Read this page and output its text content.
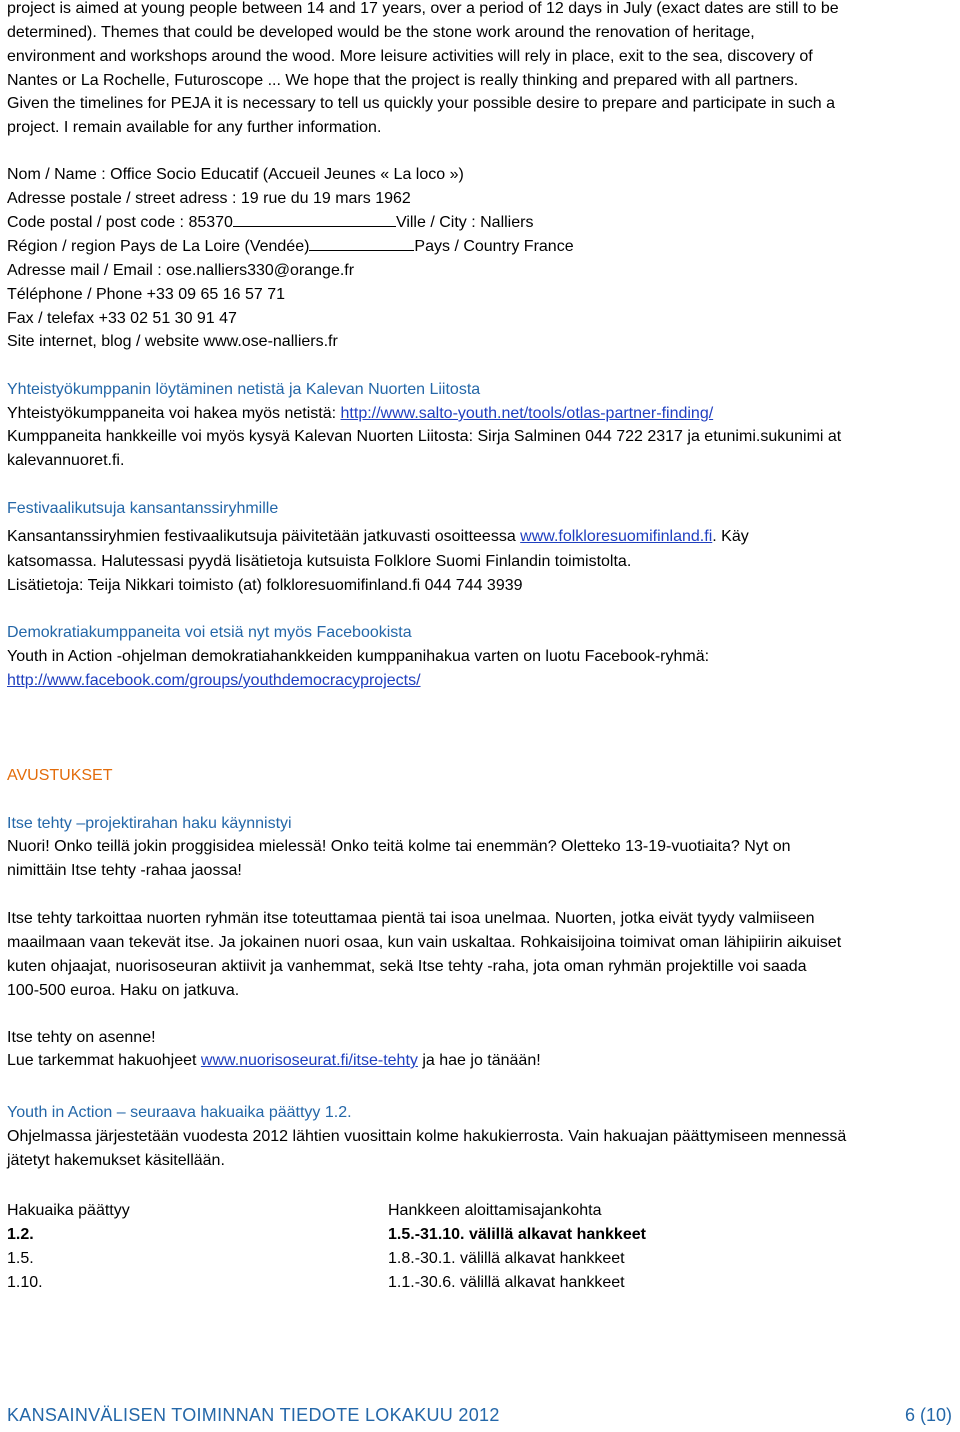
project is aimed at young people between 14 and 17 years, over a period of 12 days in July (exact dates are still to be
determined). Themes that could be developed would be the stone work around the renovation of heritage,
environment and workshops around the wood. More leisure activities will rely in place, exit to the sea, discovery of
Nantes or La Rochelle, Futuroscope ... We hope that the project is really thinking and prepared with all partners.
Given the timelines for PEJA it is necessary to tell us quickly your possible desire to prepare and participate in such a
project. I remain available for any further information.
Nom / Name : Office Socio Educatif (Accueil Jeunes « La loco »)
Adresse postale / street adress : 19 rue du 19 mars 1962
Code postal / post code : 85370	Ville / City : Nalliers
Région / region Pays de La Loire (Vendée)	Pays / Country France
Adresse mail / Email : ose.nalliers330@orange.fr
Téléphone / Phone +33 09 65 16 57 71
Fax / telefax +33 02 51 30 91 47
Site internet, blog / website www.ose-nalliers.fr
Yhteistyökumppanin löytäminen netistä ja Kalevan Nuorten Liitosta
Yhteistyökumppaneita voi hakea myös netistä: http://www.salto-youth.net/tools/otlas-partner-finding/
Kumppaneita hankkeille voi myös kysyä Kalevan Nuorten Liitosta: Sirja Salminen 044 722 2317 ja etunimi.sukunimi at
kalevannuoret.fi.
Festivaalikutsuja kansantanssiryhmille
Kansantanssiryhmien festivaalikutsuja päivitetään jatkuvasti osoitteessa www.folkloresuomifinland.fi. Käy
katsomassa. Halutessasi pyydä lisätietoja kutsuista Folklore Suomi Finlandin toimistolta.
Lisätietoja: Teija Nikkari toimisto (at) folkloresuomifinland.fi 044 744 3939
Demokratiakumppaneita voi etsiä nyt myös Facebookista
Youth in Action -ohjelman demokratiahankkeiden kumppanihakua varten on luotu Facebook-ryhmä:
http://www.facebook.com/groups/youthdemocracyprojects/
AVUSTUKSET
Itse tehty –projektirahan haku käynnistyi
Nuori! Onko teillä jokin proggisidea mielessä! Onko teitä kolme tai enemmän? Oletteko 13-19-vuotiaita? Nyt on
nimittäin Itse tehty -rahaa jaossa!
Itse tehty tarkoittaa nuorten ryhmän itse toteuttamaa pientä tai isoa unelmaa. Nuorten, jotka eivät tyydy valmiiseen
maailmaan vaan tekevät itse. Ja jokainen nuori osaa, kun vain uskaltaa. Rohkaisijoina toimivat oman lähipiirin aikuiset
kuten ohjaajat, nuorisoseuran aktiivit ja vanhemmat, sekä Itse tehty -raha, jota oman ryhmän projektille voi saada
100-500 euroa. Haku on jatkuva.
Itse tehty on asenne!
Lue tarkemmat hakuohjeet www.nuorisoseurat.fi/itse-tehty ja hae jo tänään!
Youth in Action – seuraava hakuaika päättyy 1.2.
Ohjelmassa järjestetään vuodesta 2012 lähtien vuosittain kolme hakukierrosta. Vain hakuajan päättymiseen mennessä
jätetyt hakemukset käsitellään.
Hakuaika päättyy	Hankkeen aloittamisajankohta
1.2.	1.5.-31.10. välillä alkavat hankkeet
1.5.	1.8.-30.1. välillä alkavat hankkeet
1.10.	1.1.-30.6. välillä alkavat hankkeet
KANSAINVÄLISEN TOIMINNAN TIEDOTE LOKAKUU 2012	6 (10)
